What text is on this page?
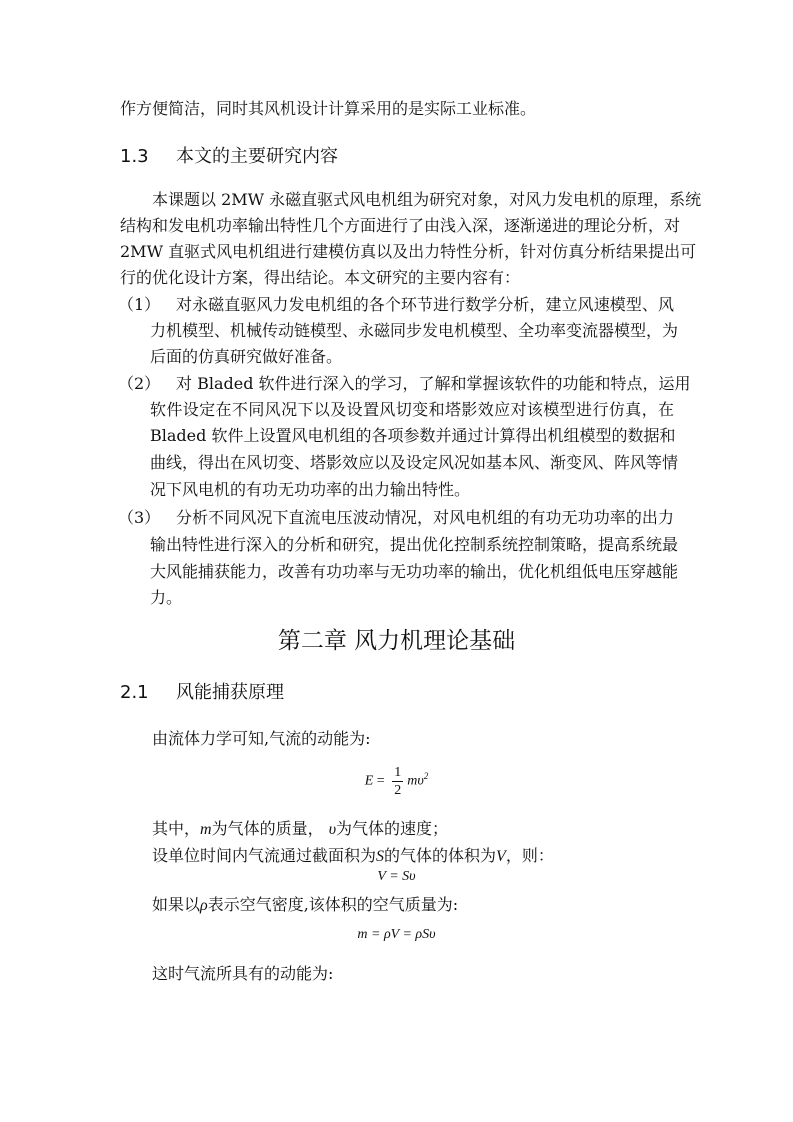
作方便简洁，同时其风机设计计算采用的是实际工业标准。
1.3 本文的主要研究内容
本课题以 2MW 永磁直驱式风电机组为研究对象，对风力发电机的原理，系统
结构和发电机功率输出特性几个方面进行了由浅入深，逐渐递进的理论分析，对
2MW 直驱式风电机组进行建模仿真以及出力特性分析，针对仿真分析结果提出可
行的优化设计方案，得出结论。本文研究的主要内容有：
（1） 对永磁直驱风力发电机组的各个环节进行数学分析，建立风速模型、风
力机模型、机械传动链模型、永磁同步发电机模型、全功率变流器模型，为
后面的仿真研究做好准备。
（2） 对 Bladed 软件进行深入的学习，了解和掌握该软件的功能和特点，运用
软件设定在不同风况下以及设置风切变和塔影效应对该模型进行仿真，在
Bladed 软件上设置风电机组的各项参数并通过计算得出机组模型的数据和
曲线，得出在风切变、塔影效应以及设定风况如基本风、渐变风、阵风等情
况下风电机的有功无功功率的出力输出特性。
（3） 分析不同风况下直流电压波动情况，对风电机组的有功无功功率的出力
输出特性进行深入的分析和研究，提出优化控制系统控制策略，提高系统最
大风能捕获能力，改善有功功率与无功功率的输出，优化机组低电压穿越能
力。
第二章 风力机理论基础
2.1 风能捕获原理
由流体力学可知,气流的动能为:
$E = \frac{1}{2} m\upsilon^2$
其中，m为气体的质量， υ为气体的速度；
设单位时间内气流通过截面积为S的气体的体积为V，则：
V = Sυ
如果以ρ表示空气密度,该体积的空气质量为:
m = ρV = ρSυ
这时气流所具有的动能为:
